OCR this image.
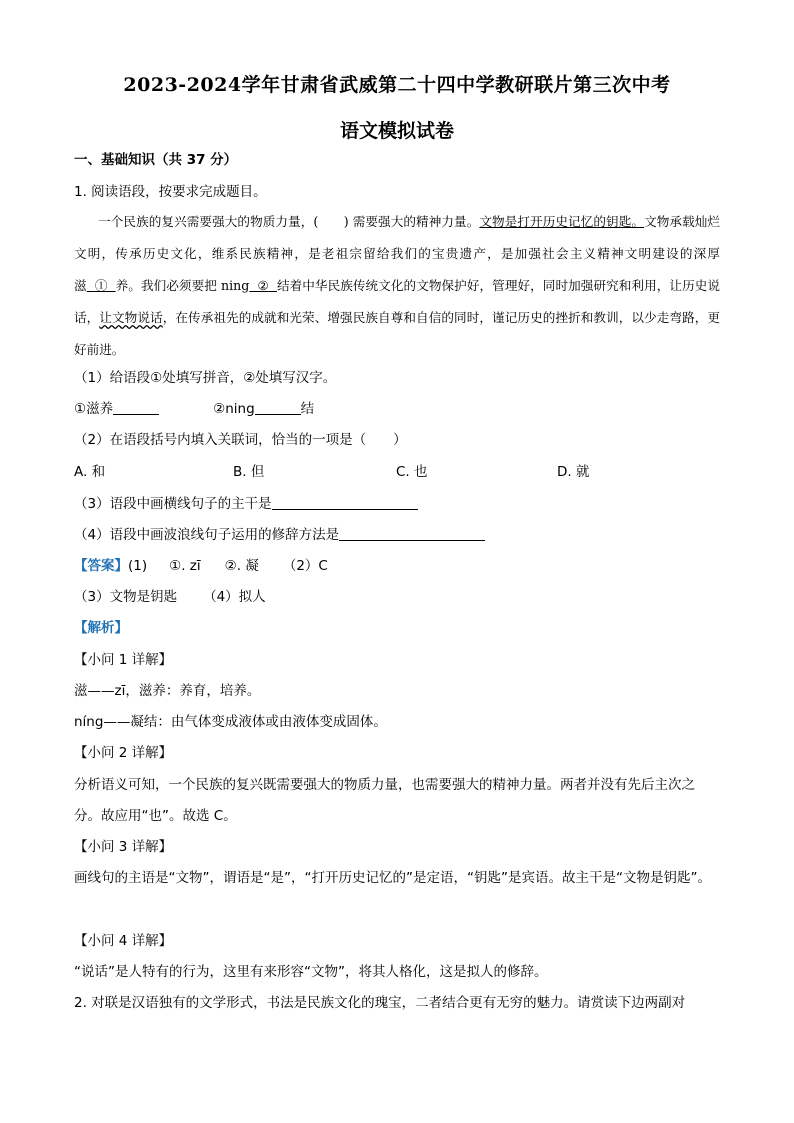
2023-2024学年甘肃省武威第二十四中学教研联片第三次中考
语文模拟试卷
一、基础知识（共 37 分）
1. 阅读语段，按要求完成题目。
一个民族的复兴需要强大的物质力量，(　　) 需要强大的精神力量。文物是打开历史记忆的钥匙。文物承载灿烂文明，传承历史文化，维系民族精神，是老祖宗留给我们的宝贵遗产，是加强社会主义精神文明建设的深厚滋 ① 养。我们必须要把 ning ② 结着中华民族传统文化的文物保护好，管理好，同时加强研究和利用，让历史说话，让文物说话，在传承祖先的成就和光荣、增强民族自尊和自信的同时，谨记历史的挫折和教训，以少走弯路，更好前进。
（1）给语段①处填写拼音，②处填写汉字。
①滋养	②ning	结
（2）在语段括号内填入关联词，恰当的一项是（　　）
A. 和	B. 但	C. 也	D. 就
（3）语段中画横线句子的主干是
（4）语段中画波浪线句子运用的修辞方法是
【答案】(1) ①. zī ②. 凝 （2）C
（3）文物是钥匙 （4）拟人
【解析】
【小问 1 详解】
滋——zī，滋养：养育，培养。
níng——凝结：由气体变成液体或由液体变成固体。
【小问 2 详解】
分析语义可知，一个民族的复兴既需要强大的物质力量，也需要强大的精神力量。两者并没有先后主次之分。故应用“也”。故选 C。
【小问 3 详解】
画线句的主语是“文物”，谓语是“是”，“打开历史记忆的”是定语，“钥匙”是宾语。故主干是“文物是钥匙”。
【小问 4 详解】
“说话”是人特有的行为，这里有来形容“文物”，将其人格化，这是拟人的修辞。
2. 对联是汉语独有的文学形式，书法是民族文化的瑰宝，二者结合更有无穷的魅力。请赏读下边两副对
